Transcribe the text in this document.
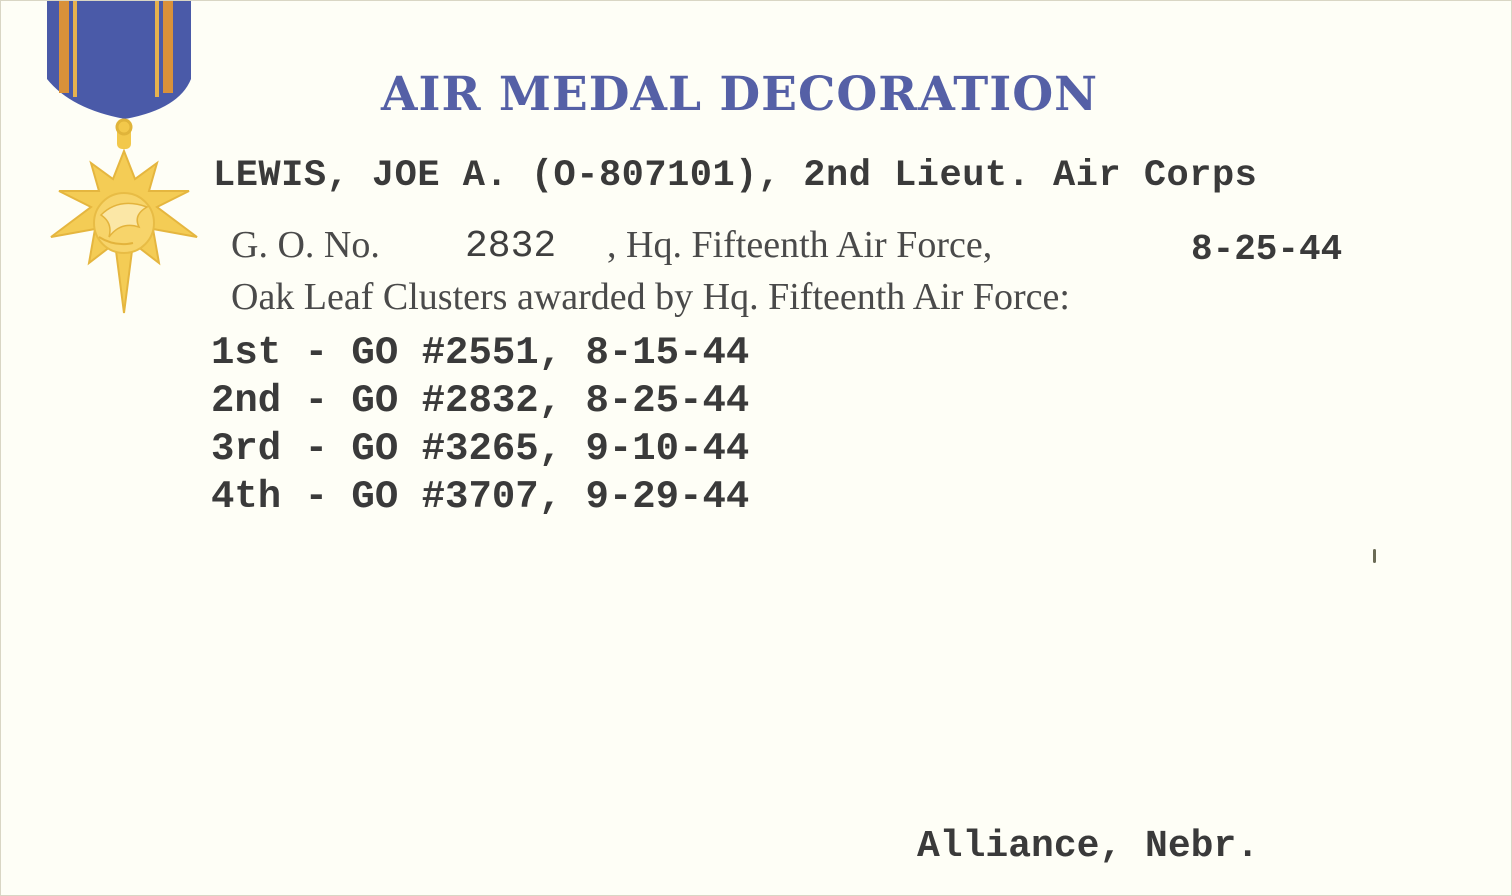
AIR MEDAL DECORATION

LEWIS, JOE A. (O-807101), 2nd Lieut. Air Corps

G. O. No. 2832 , Hq. Fifteenth Air Force,	8-25-44

Oak Leaf Clusters awarded by Hq. Fifteenth Air Force:

1st - GO #2551, 8-15-44
2nd - GO #2832, 8-25-44
3rd - GO #3265, 9-10-44
4th - GO #3707, 9-29-44

Alliance, Nebr.
